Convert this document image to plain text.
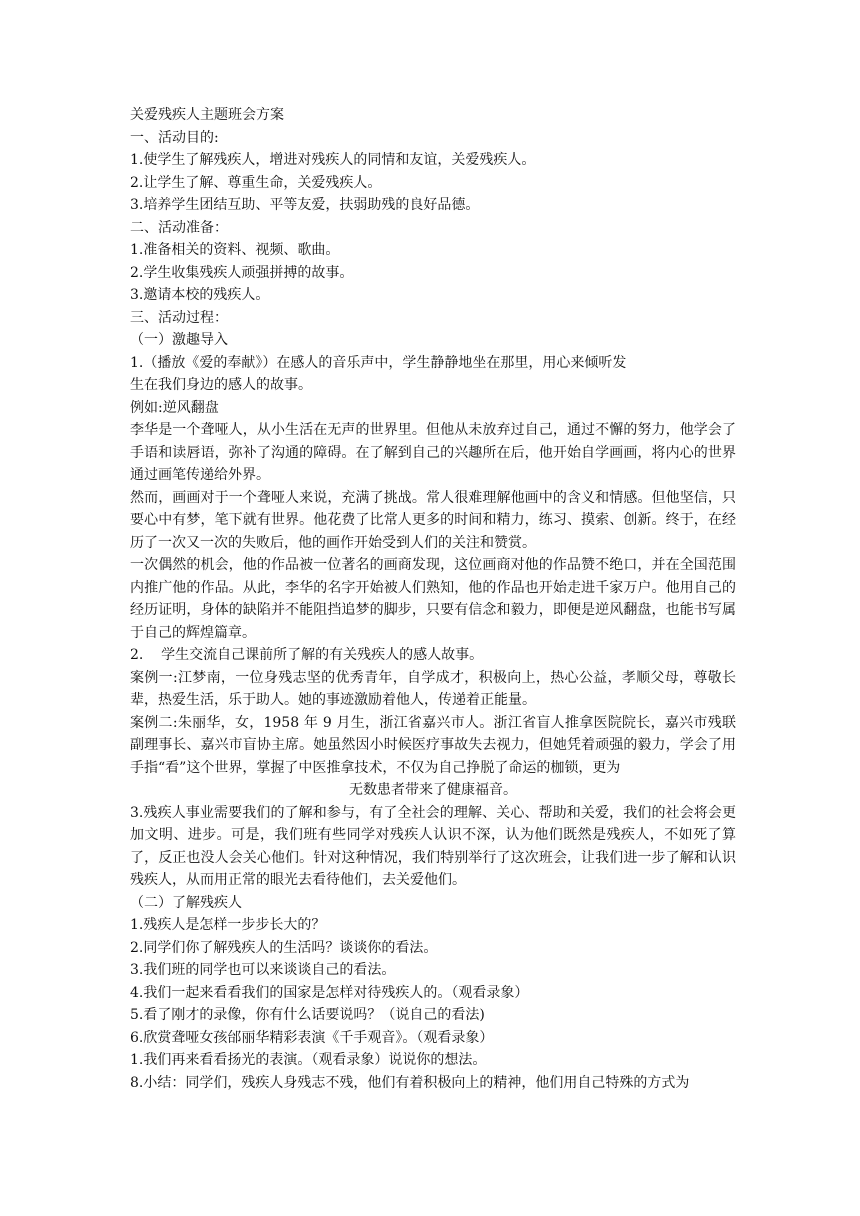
关爱残疾人主题班会方案

一、活动目的:

1.使学生了解残疾人，增进对残疾人的同情和友谊，关爱残疾人。

2.让学生了解、尊重生命，关爱残疾人。

3.培养学生团结互助、平等友爱，扶弱助残的良好品德。

二、活动准备：

1.准备相关的资料、视频、歌曲。

2.学生收集残疾人顽强拼搏的故事。

3.邀请本校的残疾人。

三、活动过程：

（一）激趣导入

1.（播放《爱的奉献》）在感人的音乐声中，学生静静地坐在那里，用心来倾听发

生在我们身边的感人的故事。

例如:逆风翻盘

李华是一个聋哑人，从小生活在无声的世界里。但他从未放弃过自己，通过不懈的努力，他学会了手语和读唇语，弥补了沟通的障碍。在了解到自己的兴趣所在后，他开始自学画画，将内心的世界通过画笔传递给外界。

然而，画画对于一个聋哑人来说，充满了挑战。常人很难理解他画中的含义和情感。但他坚信，只要心中有梦，笔下就有世界。他花费了比常人更多的时间和精力，练习、摸索、创新。终于，在经历了一次又一次的失败后，他的画作开始受到人们的关注和赞赏。

一次偶然的机会，他的作品被一位著名的画商发现，这位画商对他的作品赞不绝口，并在全国范围内推广他的作品。从此，李华的名字开始被人们熟知，他的作品也开始走进千家万户。他用自己的经历证明，身体的缺陷并不能阻挡追梦的脚步，只要有信念和毅力，即便是逆风翻盘，也能书写属于自己的辉煌篇章。

2.    学生交流自己课前所了解的有关残疾人的感人故事。

案例一:江梦南，一位身残志坚的优秀青年，自学成才，积极向上，热心公益，孝顺父母，尊敬长辈，热爱生活，乐于助人。她的事迹激励着他人，传递着正能量。

案例二:朱丽华，女，1958 年 9 月生，浙江省嘉兴市人。浙江省盲人推拿医院院长，嘉兴市残联副理事长、嘉兴市盲协主席。她虽然因小时候医疗事故失去视力，但她凭着顽强的毅力，学会了用手指“看”这个世界，掌握了中医推拿技术，不仅为自己挣脱了命运的枷锁，更为

无数患者带来了健康福音。

3.残疾人事业需要我们的了解和参与，有了全社会的理解、关心、帮助和关爱，我们的社会将会更加文明、进步。可是，我们班有些同学对残疾人认识不深，认为他们既然是残疾人，不如死了算了，反正也没人会关心他们。针对这种情况，我们特别举行了这次班会，让我们进一步了解和认识残疾人，从而用正常的眼光去看待他们，去关爱他们。

（二）了解残疾人

1.残疾人是怎样一步步长大的？

2.同学们你了解残疾人的生活吗？谈谈你的看法。

3.我们班的同学也可以来谈谈自己的看法。

4.我们一起来看看我们的国家是怎样对待残疾人的。（观看录象）

5.看了刚才的录像，你有什么话要说吗？（说自己的看法)

6.欣赏聋哑女孩邰丽华精彩表演《千手观音》。（观看录象）

1.我们再来看看扬光的表演。（观看录象）说说你的想法。

8.小结：同学们，残疾人身残志不残，他们有着积极向上的精神，他们用自己特殊的方式为
